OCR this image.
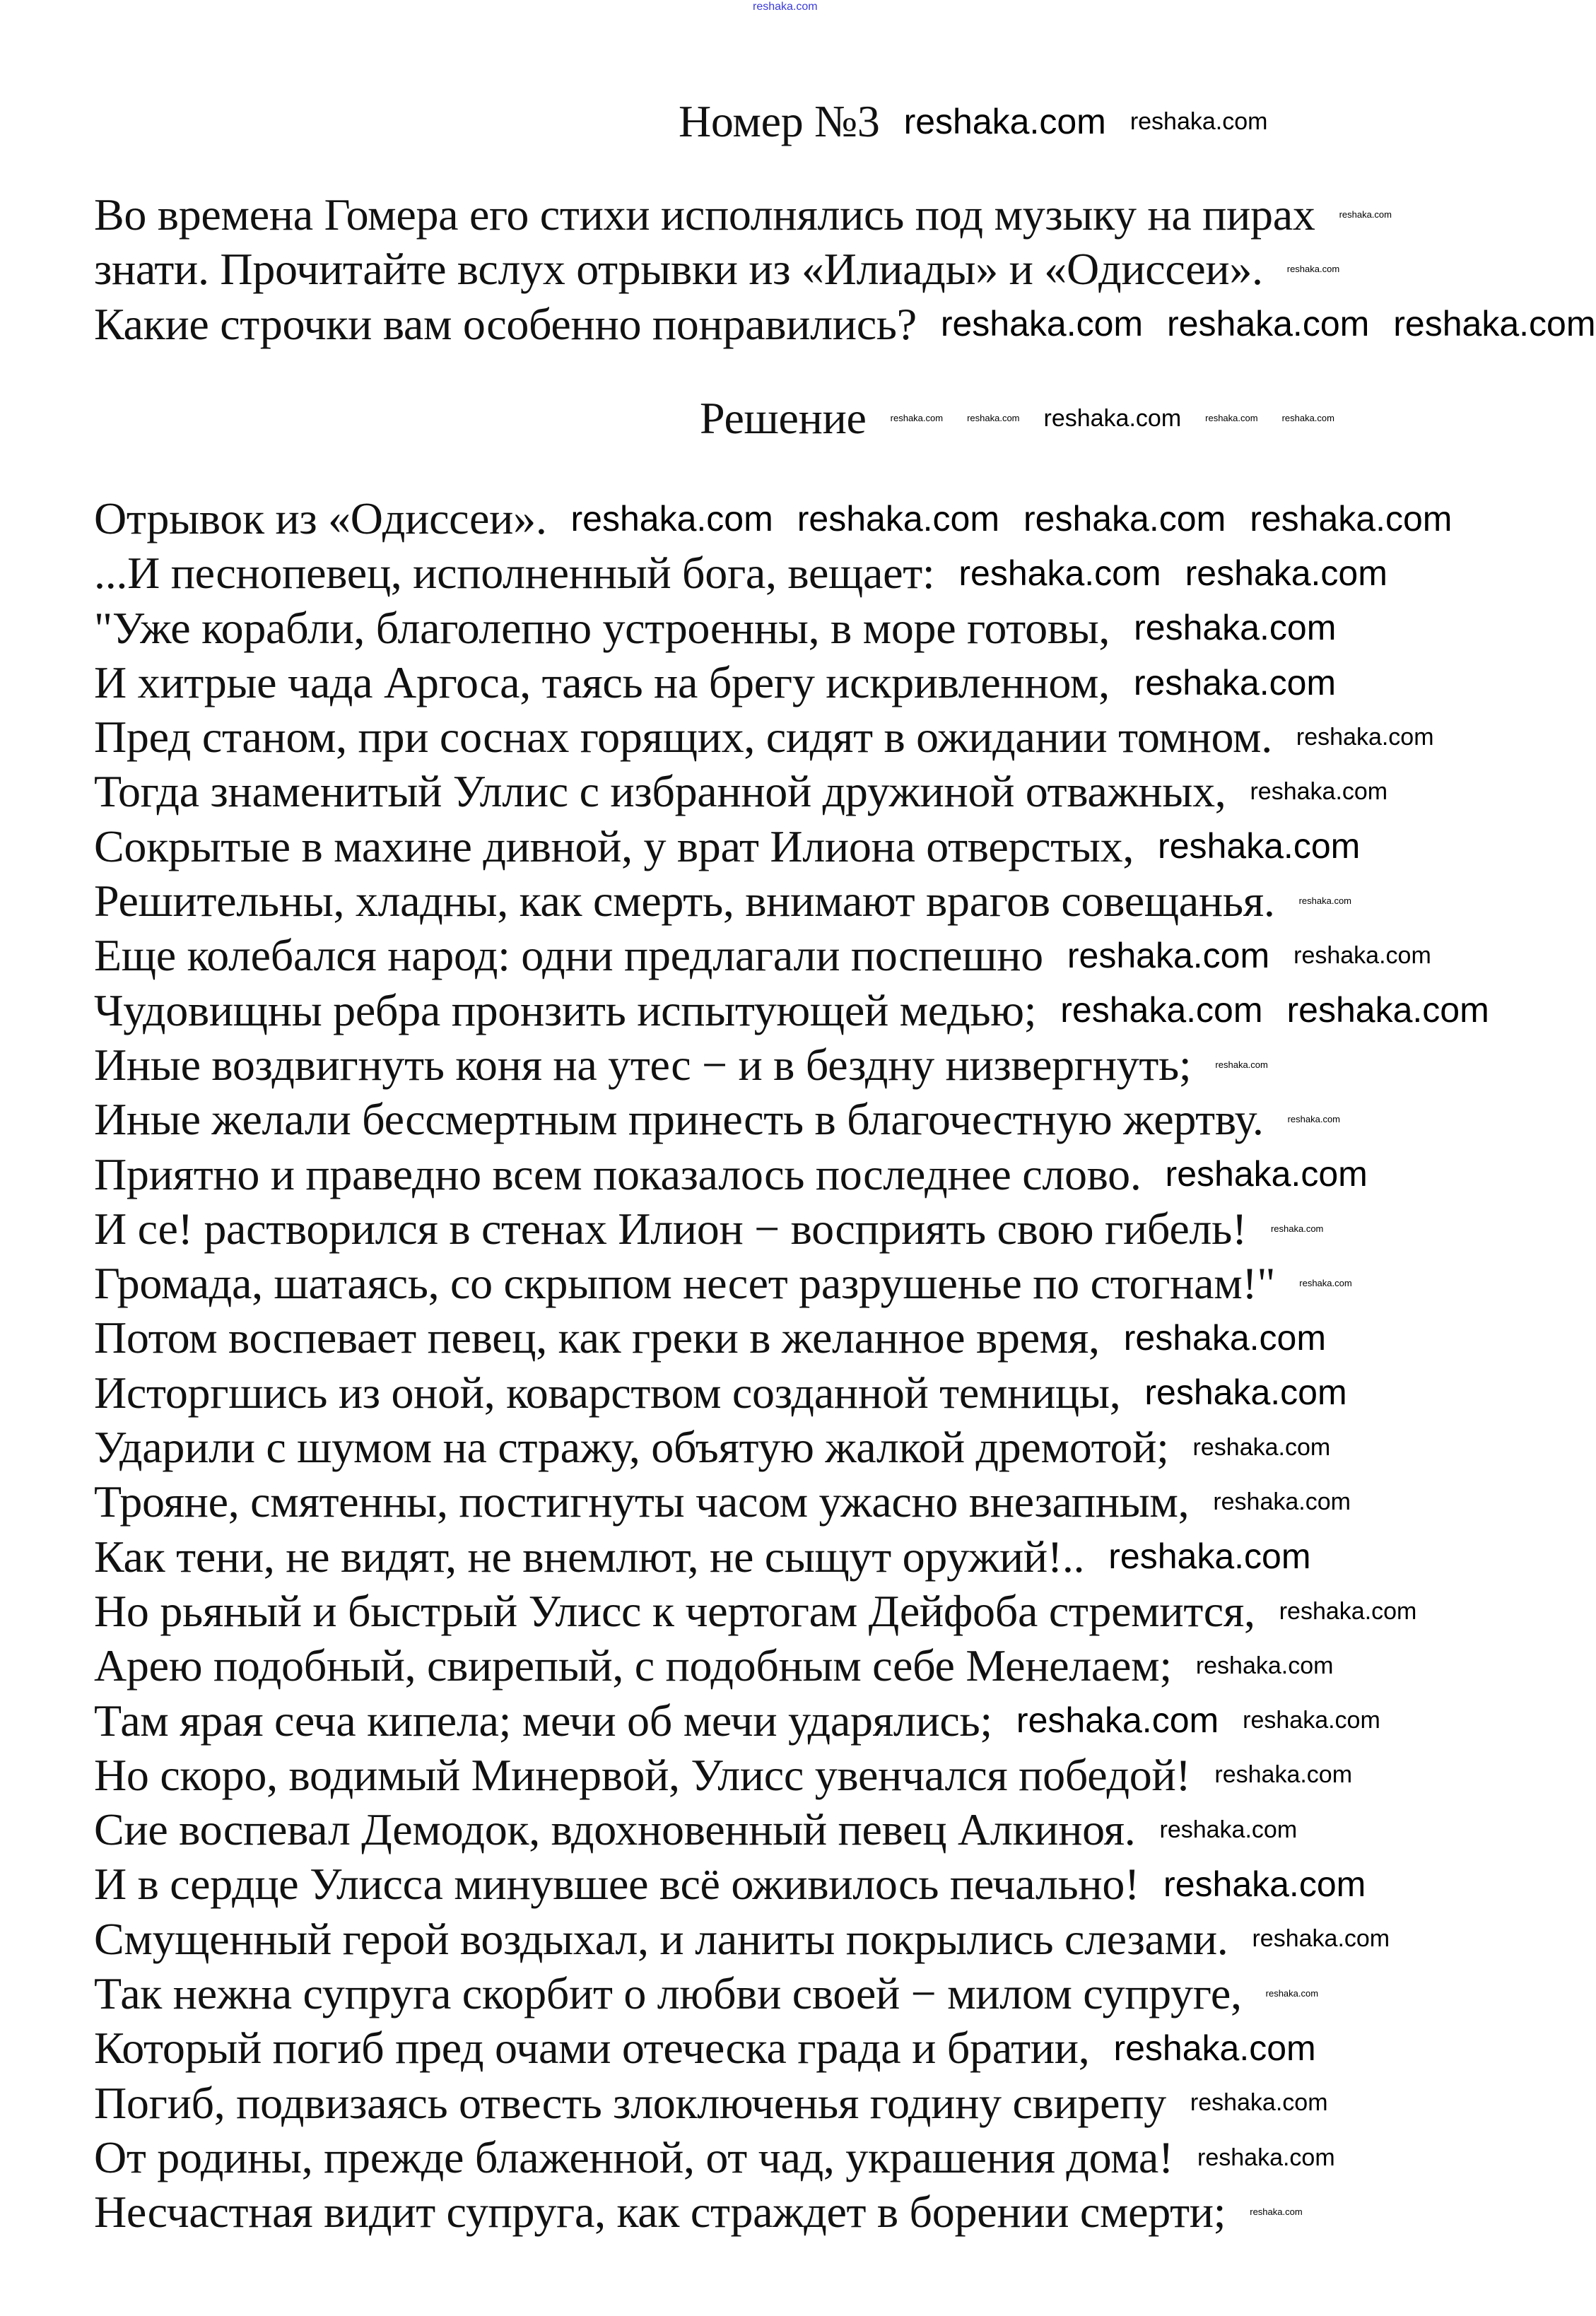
reshaka.com
Номер №3 reshaka.com reshaka.com
Во времена Гомера его стихи исполнялись под музыку на пирах	reshaka.com
знати. Прочитайте вслух отрывки из «Илиады» и «Одиссеи».	reshaka.com
Какие строчки вам особенно понравились? reshaka.com reshaka.com reshaka.com
Решение	reshaka.com	reshaka.com reshaka.com	reshaka.com	reshaka.com
Отрывок из «Одиссеи». reshaka.com reshaka.com reshaka.com reshaka.com
...И песнопевец, исполненный бога, вещает: reshaka.com reshaka.com
"Уже корабли, благолепно устроенны, в море готовы, reshaka.com
И хитрые чада Аргоса, таясь на брегу искривленном, reshaka.com
Пред станом, при соснах горящих, сидят в ожидании томном. reshaka.com
Тогда знаменитый Уллис с избранной дружиной отважных, reshaka.com
Сокрытые в махине дивной, у врат Илиона отверстых, reshaka.com
Решительны, хладны, как смерть, внимают врагов совещанья.	reshaka.com
Еще колебался народ: одни предлагали поспешно reshaka.com reshaka.com
Чудовищны ребра пронзить испытующей медью; reshaka.com reshaka.com
Иные воздвигнуть коня на утес − и в бездну низвергнуть;	reshaka.com
Иные желали бессмертным принесть в благочестную жертву.	reshaka.com
Приятно и праведно всем показалось последнее слово. reshaka.com
И се! растворился в стенах Илион − восприять свою гибель!	reshaka.com
Громада, шатаясь, со скрыпом несет разрушенье по стогнам!"	reshaka.com
Потом воспевает певец, как греки в желанное время, reshaka.com
Исторгшись из оной, коварством созданной темницы, reshaka.com
Ударили с шумом на стражу, объятую жалкой дремотой; reshaka.com
Трояне, смятенны, постигнуты часом ужасно внезапным, reshaka.com
Как тени, не видят, не внемлют, не сыщут оружий!.. reshaka.com
Но рьяный и быстрый Улисс к чертогам Дейфоба стремится, reshaka.com
Арею подобный, свирепый, с подобным себе Менелаем; reshaka.com
Там ярая сеча кипела; мечи об мечи ударялись; reshaka.com reshaka.com
Но скоро, водимый Минервой, Улисс увенчался победой! reshaka.com
Сие воспевал Демодок, вдохновенный певец Алкиноя. reshaka.com
И в сердце Улисса минувшее всё оживилось печально! reshaka.com
Смущенный герой воздыхал, и ланиты покрылись слезами. reshaka.com
Так нежна супруга скорбит о любви своей − милом супруге,	reshaka.com
Который погиб пред очами отеческа града и братии, reshaka.com
Погиб, подвизаясь отвесть злоключенья годину свирепу reshaka.com
От родины, прежде блаженной, от чад, украшения дома! reshaka.com
Несчастная видит супруга, как страждет в борении смерти;	reshaka.com
